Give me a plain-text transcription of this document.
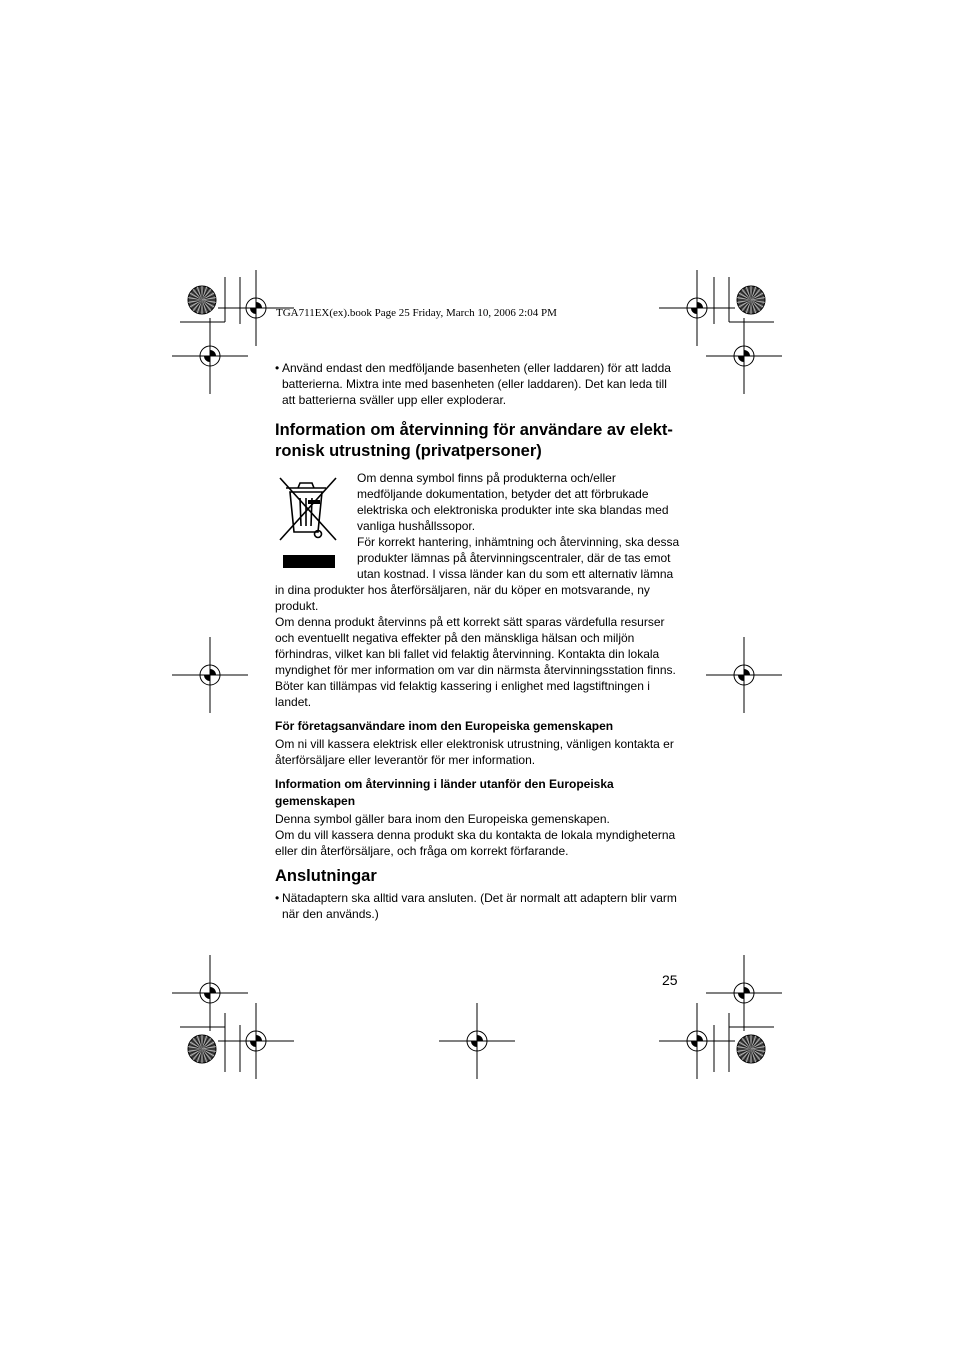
TGA711EX(ex).book Page 25 Friday, March 10, 2006 2:04 PM

• Använd endast den medföljande basenheten (eller laddaren) för att ladda batterierna. Mixtra inte med basenheten (eller laddaren). Det kan leda till att batterierna sväller upp eller exploderar.

Information om återvinning för användare av elekt-
ronisk utrustning (privatpersoner)

Om denna symbol finns på produkterna och/eller medföljande dokumentation, betyder det att förbrukade elektriska och elektroniska produkter inte ska blandas med vanliga hushållssopor.

För korrekt hantering, inhämtning och återvinning, ska dessa produkter lämnas på återvinningscentraler, där de tas emot utan kostnad. I vissa länder kan du som ett alternativ lämna in dina produkter hos återförsäljaren, när du köper en motsvarande, ny produkt.

Om denna produkt återvinns på ett korrekt sätt sparas värdefulla resurser och eventuellt negativa effekter på den mänskliga hälsan och miljön förhindras, vilket kan bli fallet vid felaktig återvinning. Kontakta din lokala myndighet för mer information om var din närmsta återvinningsstation finns. Böter kan tillämpas vid felaktig kassering i enlighet med lagstiftningen i landet.

För företagsanvändare inom den Europeiska gemenskapen

Om ni vill kassera elektrisk eller elektronisk utrustning, vänligen kontakta er återförsäljare eller leverantör för mer information.

Information om återvinning i länder utanför den Europeiska gemenskapen

Denna symbol gäller bara inom den Europeiska gemenskapen.

Om du vill kassera denna produkt ska du kontakta de lokala myndigheterna eller din återförsäljare, och fråga om korrekt förfarande.

Anslutningar

• Nätadaptern ska alltid vara ansluten. (Det är normalt att adaptern blir varm när den används.)

25
